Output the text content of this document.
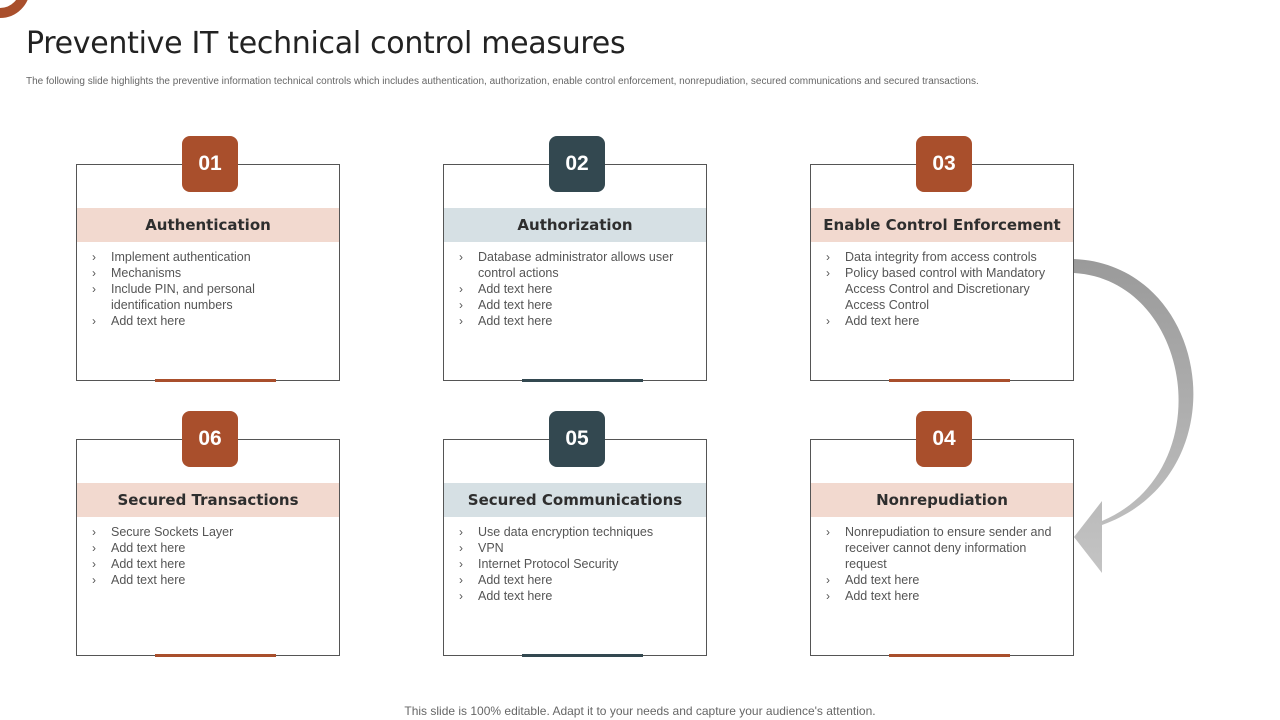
Preventive IT technical control measures

The following slide highlights the preventive information technical controls which includes authentication, authorization, enable control enforcement, nonrepudiation, secured communications and secured transactions.

01
Authentication
›	Implement authentication
›	Mechanisms
›	Include PIN, and personal identification numbers
›	Add text here
02
Authorization
›	Database administrator allows user control actions
›	Add text here
›	Add text here
›	Add text here
03
Enable Control Enforcement
›	Data integrity from access controls
›	Policy based control with Mandatory Access Control and Discretionary Access Control
›	Add text here
06
Secured Transactions
›	Secure Sockets Layer
›	Add text here
›	Add text here
›	Add text here
05
Secured Communications
›	Use data encryption techniques
›	VPN
›	Internet Protocol Security
›	Add text here
›	Add text here
04
Nonrepudiation
›	Nonrepudiation to ensure sender and receiver cannot deny information request
›	Add text here
›	Add text here
This slide is 100% editable. Adapt it to your needs and capture your audience's attention.
